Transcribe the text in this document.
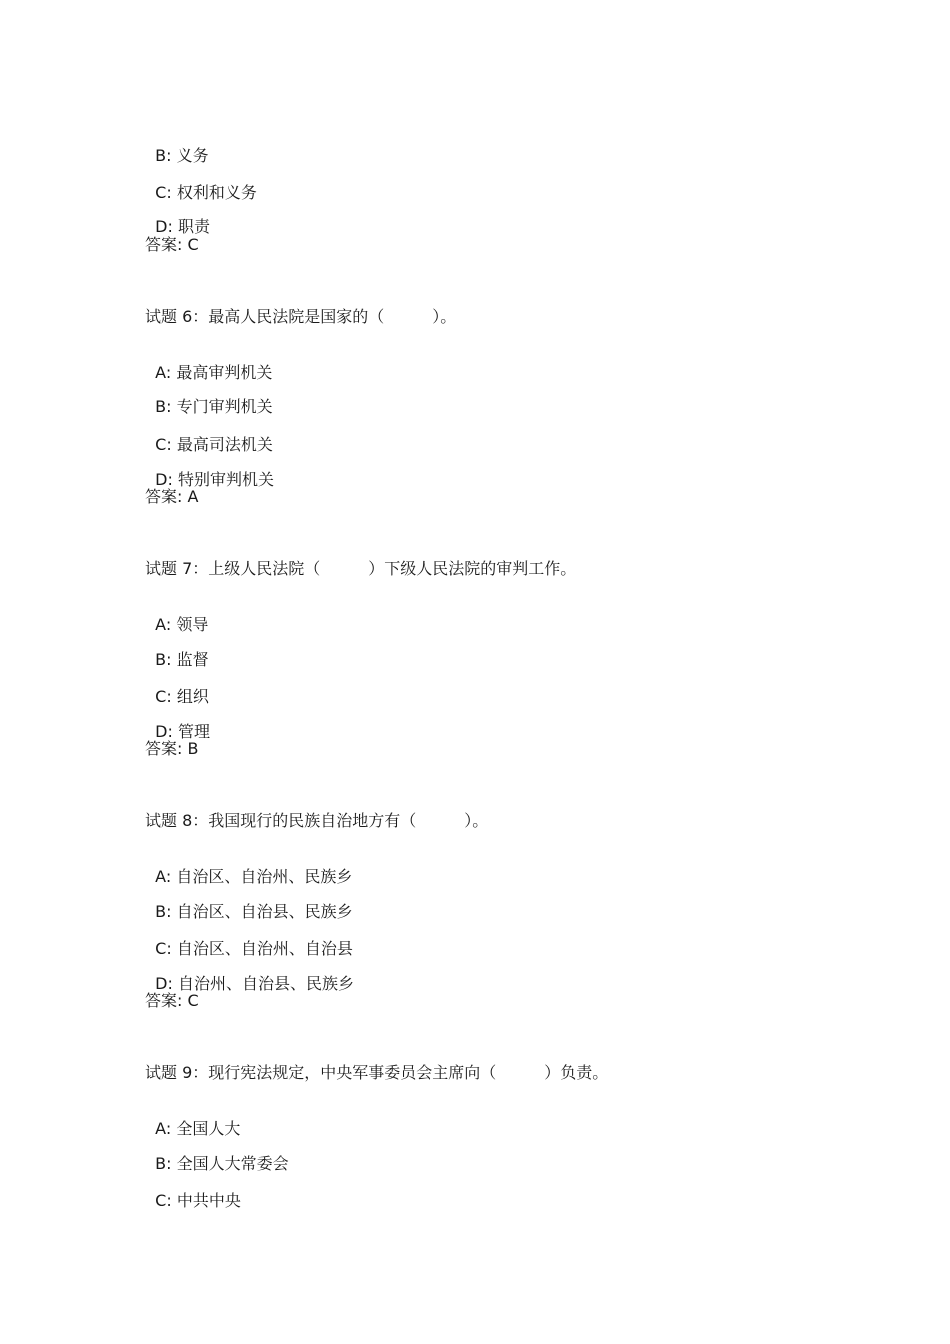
B: 义务

C: 权利和义务

D: 职责

答案: C
试题 6：最高人民法院是国家的（　　　）。

A: 最高审判机关

B: 专门审判机关

C: 最高司法机关

D: 特别审判机关

答案: A
试题 7：上级人民法院（　　　）下级人民法院的审判工作。

A: 领导

B: 监督

C: 组织

D: 管理

答案: B
试题 8：我国现行的民族自治地方有（　　　）。

A: 自治区、自治州、民族乡

B: 自治区、自治县、民族乡

C: 自治区、自治州、自治县

D: 自治州、自治县、民族乡

答案: C
试题 9：现行宪法规定，中央军事委员会主席向（　　　）负责。

A: 全国人大

B: 全国人大常委会

C: 中共中央
